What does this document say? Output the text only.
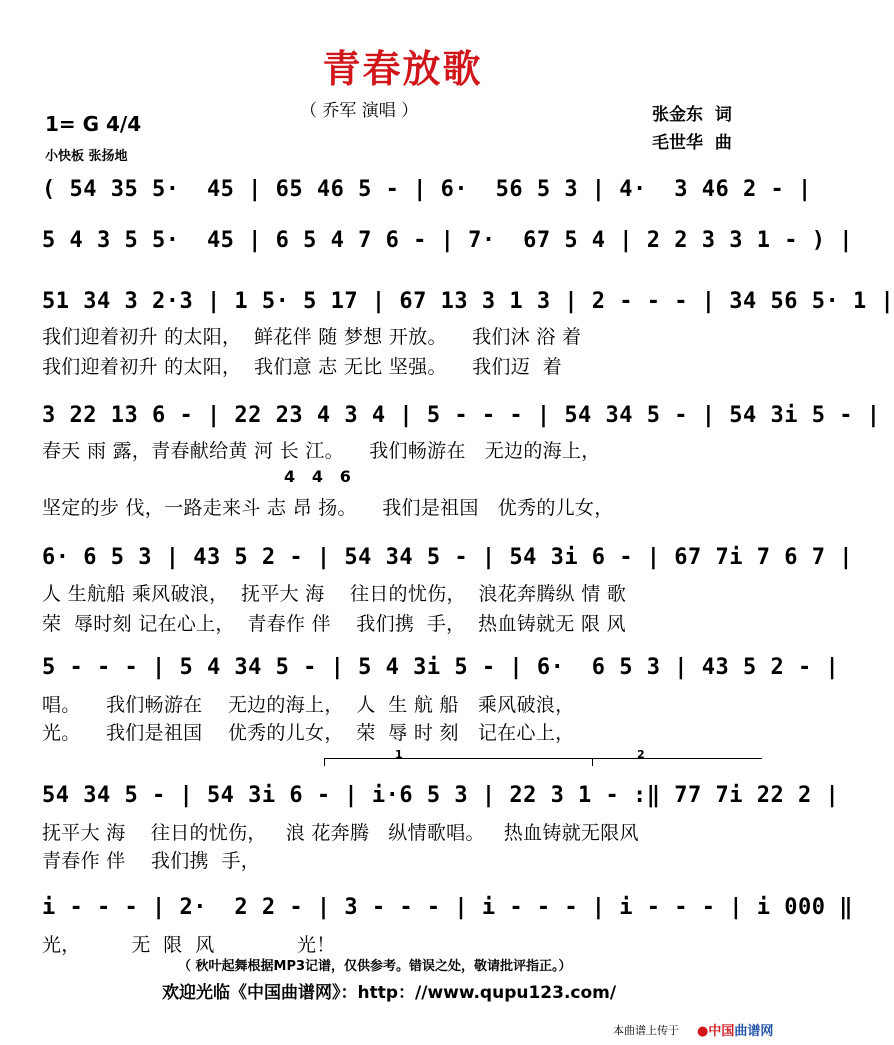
青春放歌
（ 乔军 演唱 ）	张金东  词
毛世华  曲
1= G 4/4
小快板 张扬地
( 54 35 5·  45 | 65 46 5 - | 6·  56 5 3 | 4·  3 46 2 - |
5 4 3 5 5·  45 | 6 5 4 7 6 - | 7·  67 5 4 | 2 2 3 3 1 - ) |
51 34 3 2·3 | 1 5· 5 17 | 67 13 3 1 3 | 2 - - - | 34 56 5· 1 |
我们迎着初升 的太阳，  鲜花伴 随 梦想 开放。    我们沐 浴 着
我们迎着初升 的太阳，  我们意 志 无比 坚强。    我们迈  着
3 22 13 6 - | 22 23 4 3 4 | 5 - - - | 54 34 5 - | 54 3i 5 - |
春天 雨 露，青春献给黄 河 长 江。    我们畅游在   无边的海上，
4   4   6
坚定的步 伐，一路走来斗 志 昂 扬。    我们是祖国   优秀的儿女，
6· 6 5 3 | 43 5 2 - | 54 34 5 - | 54 3i 6 - | 67 7i 7 6 7 |
人 生航船 乘风破浪，  抚平大 海    往日的忧伤，  浪花奔腾纵 情 歌
荣  辱时刻 记在心上，  青春作 伴    我们携  手，  热血铸就无 限 风
5 - - - | 5 4 34 5 - | 5 4 3i 5 - | 6·  6 5 3 | 43 5 2 - |
唱。    我们畅游在    无边的海上，  人  生 航 船   乘风破浪，
光。    我们是祖国    优秀的儿女，  荣  辱 时 刻   记在心上，
1	2
54 34 5 - | 54 3i 6 - | i·6 5 3 | 22 3 1 - :‖ 77 7i 22 2 |
抚平大 海    往日的忧伤，   浪 花奔腾   纵情歌唱。   热血铸就无限风
青春作 伴    我们携  手，
i - - - | 2·  2 2 - | 3 - - - | i - - - | i - - - | i 000 ‖
光，        无  限  风             光！
（ 秋叶起舞根据MP3记谱，仅供参考。错误之处，敬请批评指正。）
欢迎光临《中国曲谱网》：http：//www.qupu123.com/
本曲谱上传于 ●中国曲谱网
